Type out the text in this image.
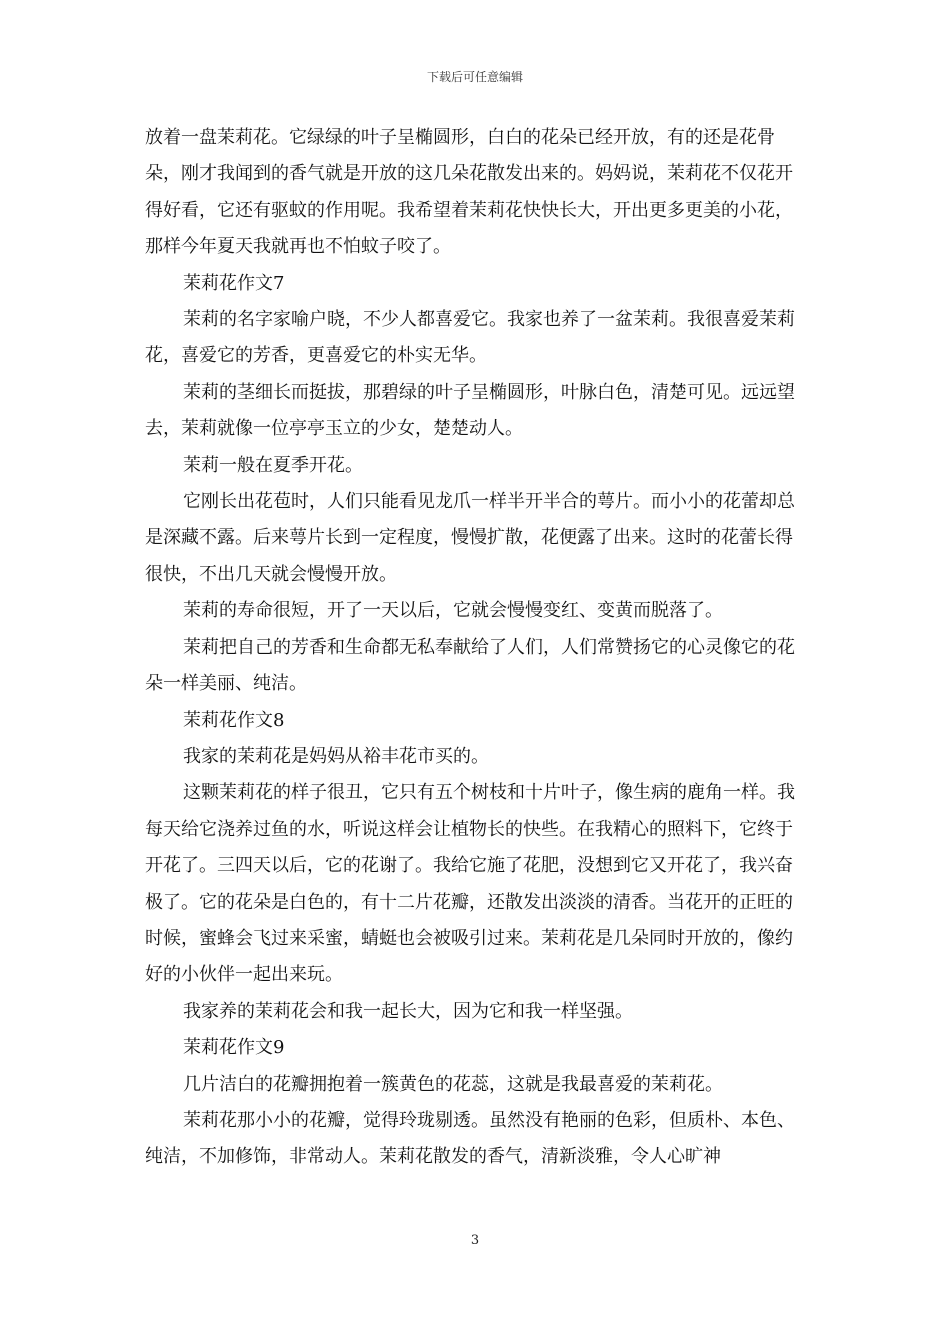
下载后可任意编辑

放着一盘茉莉花。它绿绿的叶子呈椭圆形，白白的花朵已经开放，有的还是花骨朵，刚才我闻到的香气就是开放的这几朵花散发出来的。妈妈说，茉莉花不仅花开得好看，它还有驱蚊的作用呢。我希望着茉莉花快快长大，开出更多更美的小花，那样今年夏天我就再也不怕蚊子咬了。

茉莉花作文7

茉莉的名字家喻户晓，不少人都喜爱它。我家也养了一盆茉莉。我很喜爱茉莉花，喜爱它的芳香，更喜爱它的朴实无华。

茉莉的茎细长而挺拔，那碧绿的叶子呈椭圆形，叶脉白色，清楚可见。远远望去，茉莉就像一位亭亭玉立的少女，楚楚动人。

茉莉一般在夏季开花。

它刚长出花苞时，人们只能看见龙爪一样半开半合的萼片。而小小的花蕾却总是深藏不露。后来萼片长到一定程度，慢慢扩散，花便露了出来。这时的花蕾长得很快，不出几天就会慢慢开放。

茉莉的寿命很短，开了一天以后，它就会慢慢变红、变黄而脱落了。

茉莉把自己的芳香和生命都无私奉献给了人们，人们常赞扬它的心灵像它的花朵一样美丽、纯洁。

茉莉花作文8

我家的茉莉花是妈妈从裕丰花市买的。

这颗茉莉花的样子很丑，它只有五个树枝和十片叶子，像生病的鹿角一样。我每天给它浇养过鱼的水，听说这样会让植物长的快些。在我精心的照料下，它终于开花了。三四天以后，它的花谢了。我给它施了花肥，没想到它又开花了，我兴奋极了。它的花朵是白色的，有十二片花瓣，还散发出淡淡的清香。当花开的正旺的时候，蜜蜂会飞过来采蜜，蜻蜓也会被吸引过来。茉莉花是几朵同时开放的，像约好的小伙伴一起出来玩。

我家养的茉莉花会和我一起长大，因为它和我一样坚强。

茉莉花作文9

几片洁白的花瓣拥抱着一簇黄色的花蕊，这就是我最喜爱的茉莉花。

茉莉花那小小的花瓣，觉得玲珑剔透。虽然没有艳丽的色彩，但质朴、本色、纯洁，不加修饰，非常动人。茉莉花散发的香气，清新淡雅，令人心旷神

3
